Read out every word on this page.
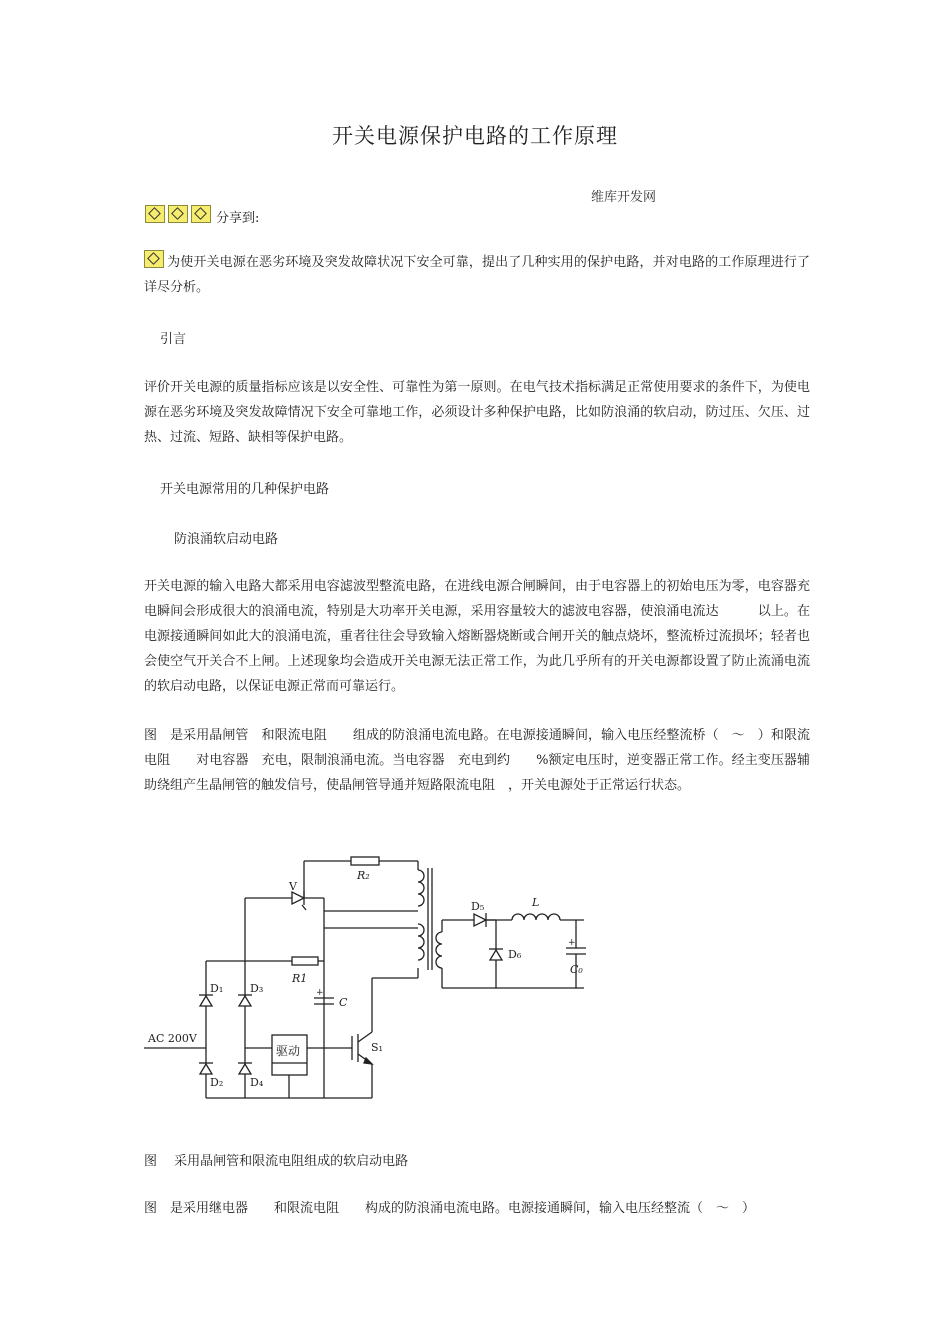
开关电源保护电路的工作原理
维库开发网
分享到:
为使开关电源在恶劣环境及突发故障状况下安全可靠，提出了几种实用的保护电路，并对电路的工作原理进行了详尽分析。
引言
评价开关电源的质量指标应该是以安全性、可靠性为第一原则。在电气技术指标满足正常使用要求的条件下，为使电源在恶劣环境及突发故障情况下安全可靠地工作，必须设计多种保护电路，比如防浪涌的软启动，防过压、欠压、过热、过流、短路、缺相等保护电路。
开关电源常用的几种保护电路
防浪涌软启动电路
开关电源的输入电路大都采用电容滤波型整流电路，在进线电源合闸瞬间，由于电容器上的初始电压为零，电容器充电瞬间会形成很大的浪涌电流，特别是大功率开关电源，采用容量较大的滤波电容器，使浪涌电流达　　　以上。在电源接通瞬间如此大的浪涌电流，重者往往会导致输入熔断器烧断或合闸开关的触点烧坏，整流桥过流损坏；轻者也会使空气开关合不上闸。上述现象均会造成开关电源无法正常工作，为此几乎所有的开关电源都设置了防止流涌电流的软启动电路，以保证电源正常而可靠运行。
图　是采用晶闸管　和限流电阻　　组成的防浪涌电流电路。在电源接通瞬间，输入电压经整流桥（　～　）和限流电阻　　对电容器　充电，限制浪涌电流。当电容器　充电到约　　%额定电压时，逆变器正常工作。经主变压器辅助绕组产生晶闸管的触发信号，使晶闸管导通并短路限流电阻　，开关电源处于正常运行状态。
AC 200V
D₁
D₂
D₃
D₄
V
R₂
R1
+
C
驱动	S₁
D₅
D₆
L
+
C₀
图　 采用晶闸管和限流电阻组成的软启动电路
图　是采用继电器　　和限流电阻　　构成的防浪涌电流电路。电源接通瞬间，输入电压经整流（　～　）
